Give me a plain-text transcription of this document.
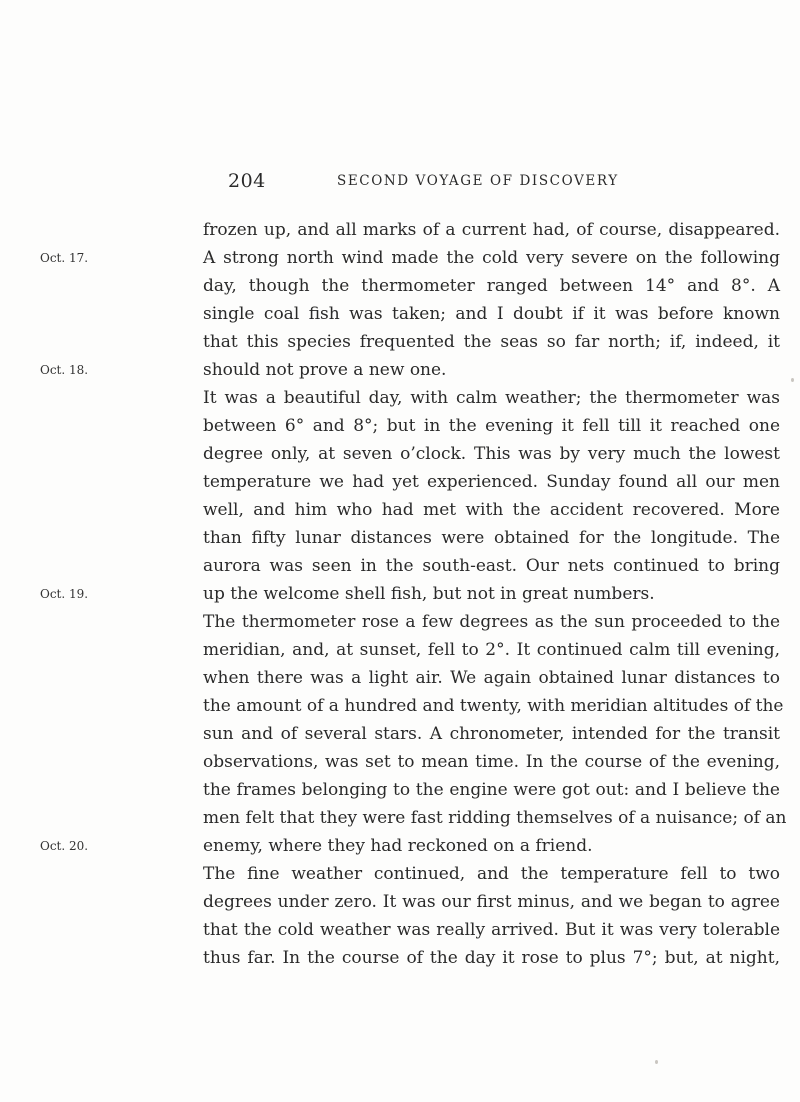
204	SECOND VOYAGE OF DISCOVERY
Oct. 17.
Oct. 18.
Oct. 19.
Oct. 20.
frozen up, and all marks of a current had, of course, disappeared.
A strong north wind made the cold very severe on the following
day, though the thermometer ranged between 14° and 8°. A
single coal fish was taken; and I doubt if it was before known
that this species frequented the seas so far north; if, indeed, it
should not prove a new one.
It was a beautiful day, with calm weather; the thermometer was
between 6° and 8°; but in the evening it fell till it reached one
degree only, at seven o’clock. This was by very much the lowest
temperature we had yet experienced. Sunday found all our men
well, and him who had met with the accident recovered. More
than fifty lunar distances were obtained for the longitude. The
aurora was seen in the south-east. Our nets continued to bring
up the welcome shell fish, but not in great numbers.
The thermometer rose a few degrees as the sun proceeded to the
meridian, and, at sunset, fell to 2°. It continued calm till evening,
when there was a light air. We again obtained lunar distances to
the amount of a hundred and twenty, with meridian altitudes of the
sun and of several stars. A chronometer, intended for the transit
observations, was set to mean time. In the course of the evening,
the frames belonging to the engine were got out: and I believe the
men felt that they were fast ridding themselves of a nuisance; of an
enemy, where they had reckoned on a friend.
The fine weather continued, and the temperature fell to two
degrees under zero. It was our first minus, and we began to agree
that the cold weather was really arrived. But it was very tolerable
thus far. In the course of the day it rose to plus 7°; but, at night,
